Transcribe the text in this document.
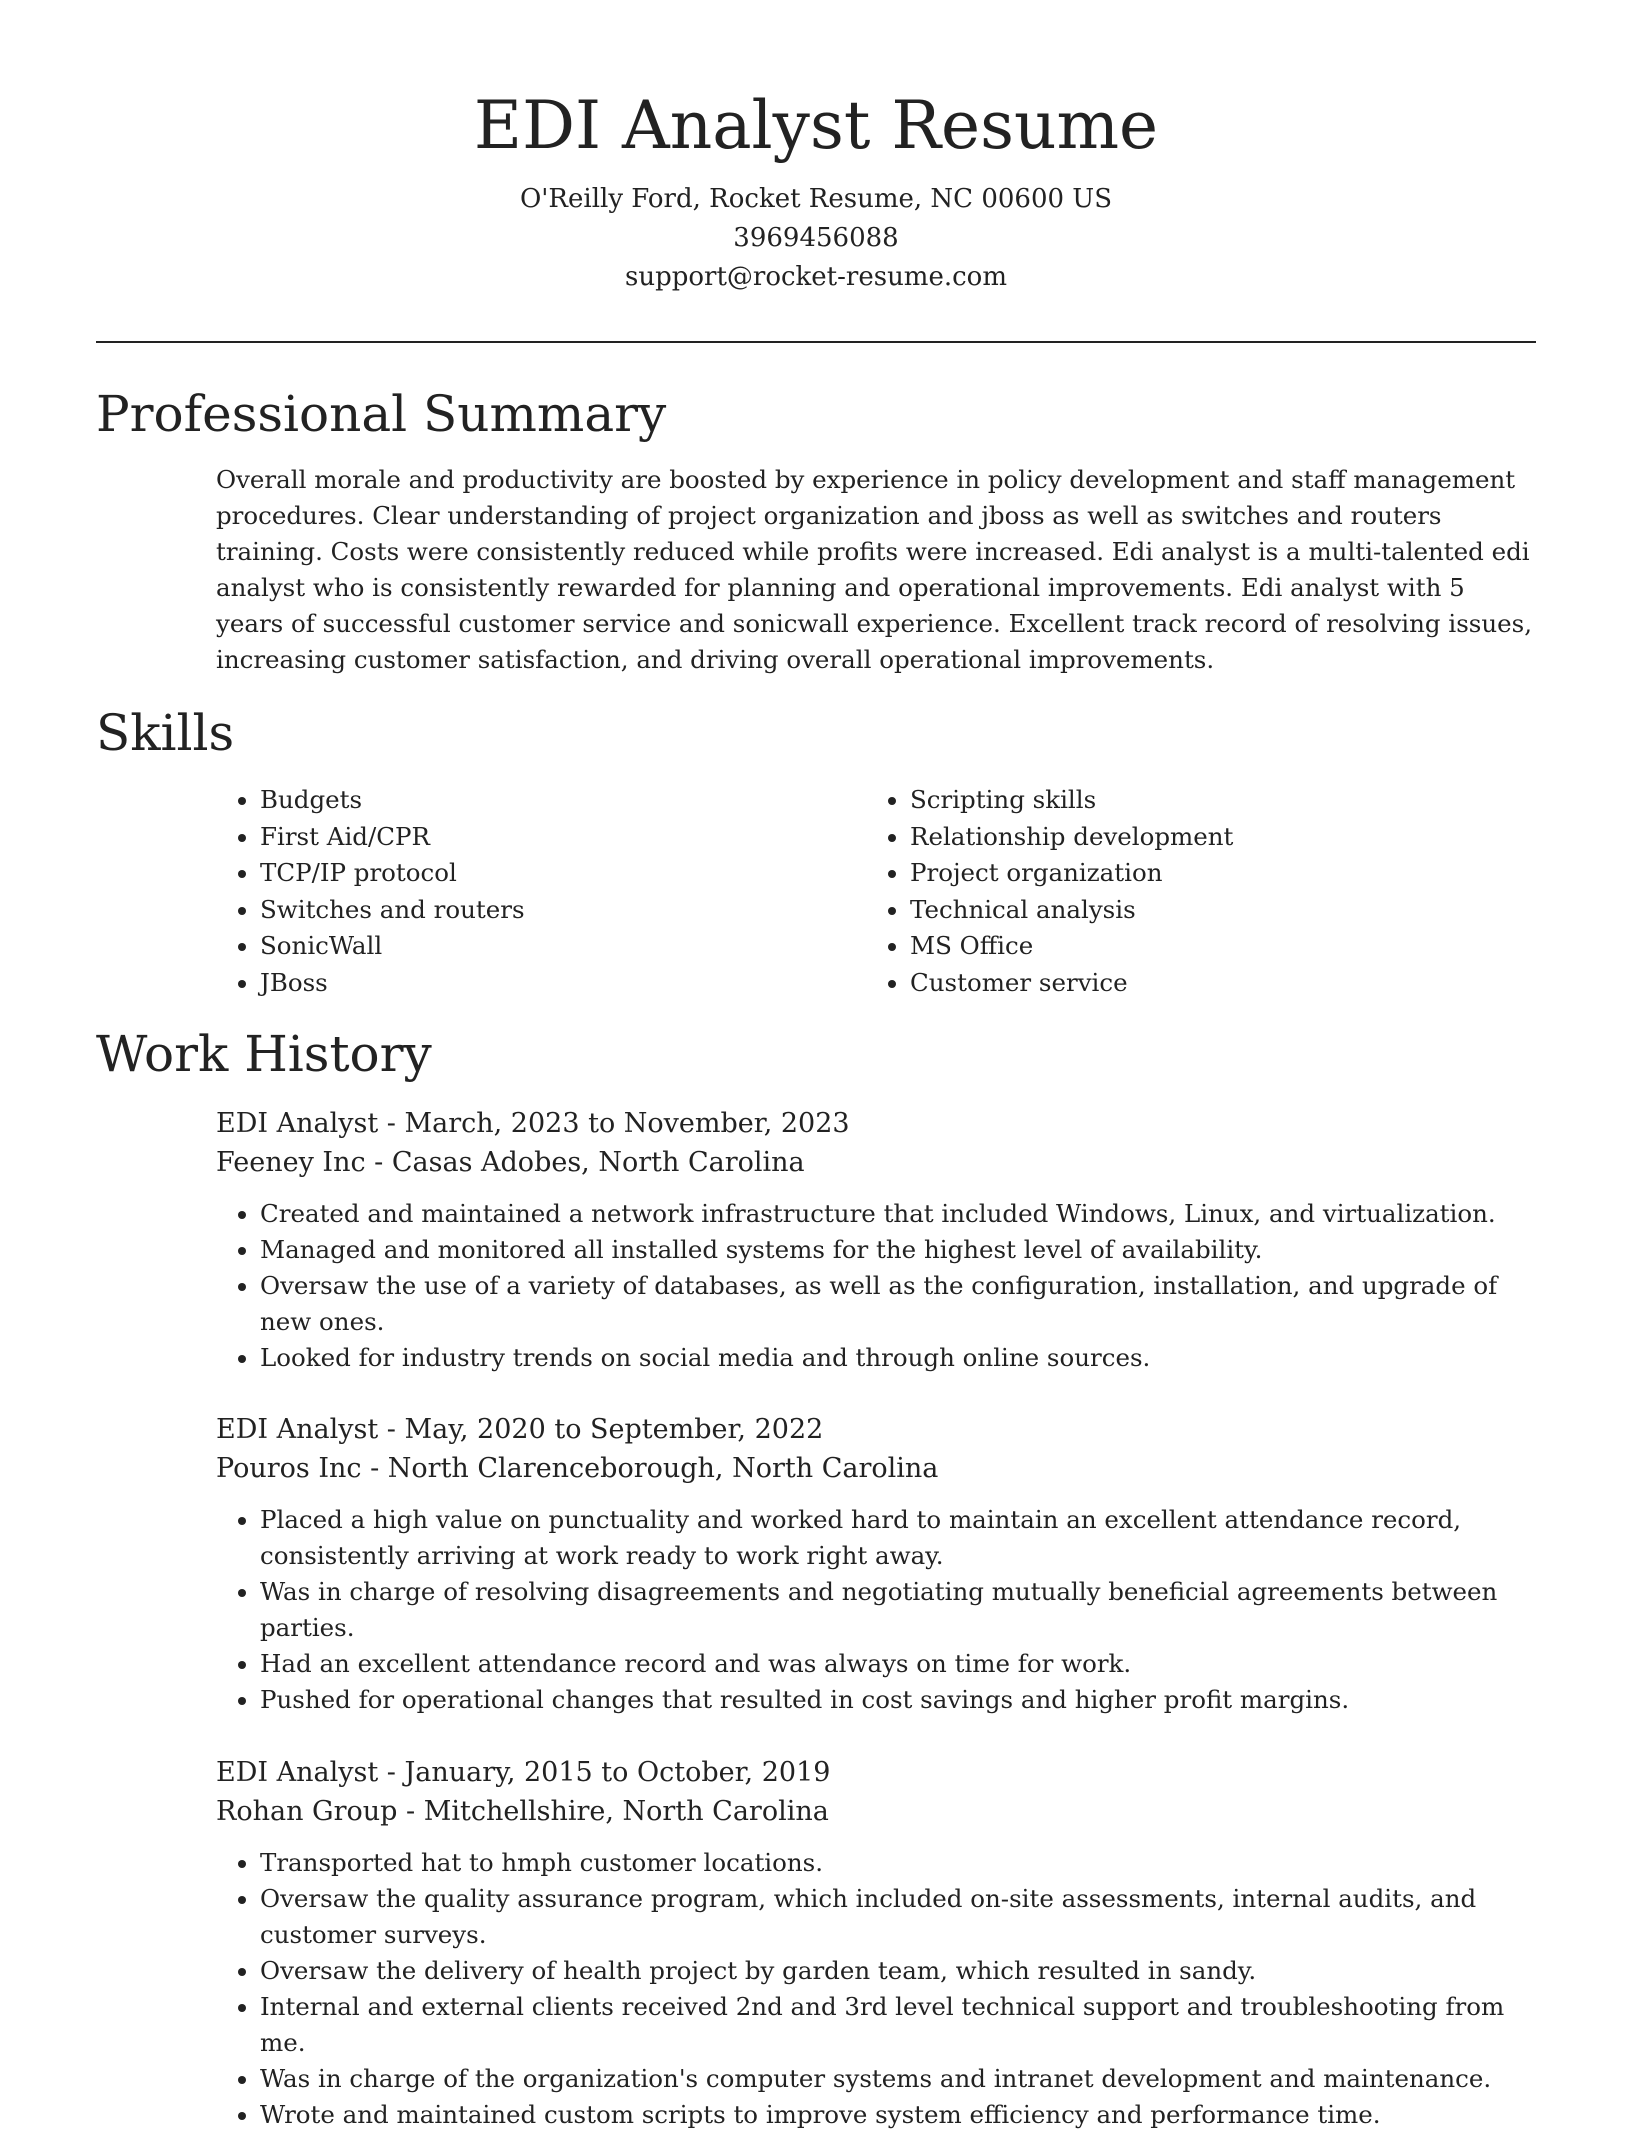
EDI Analyst Resume
O'Reilly Ford, Rocket Resume, NC 00600 US
3969456088
support@rocket-resume.com
Professional Summary

Overall morale and productivity are boosted by experience in policy development and staff management procedures. Clear understanding of project organization and jboss as well as switches and routers training. Costs were consistently reduced while profits were increased. Edi analyst is a multi-talented edi analyst who is consistently rewarded for planning and operational improvements. Edi analyst with 5 years of successful customer service and sonicwall experience. Excellent track record of resolving issues, increasing customer satisfaction, and driving overall operational improvements.

Skills
• Budgets
• First Aid/CPR
• TCP/IP protocol
• Switches and routers
• SonicWall
• JBoss
• Scripting skills
• Relationship development
• Project organization
• Technical analysis
• MS Office
• Customer service
Work History
EDI Analyst - March, 2023 to November, 2023
Feeney Inc - Casas Adobes, North Carolina
• Created and maintained a network infrastructure that included Windows, Linux, and virtualization.
• Managed and monitored all installed systems for the highest level of availability.
• Oversaw the use of a variety of databases, as well as the configuration, installation, and upgrade of new ones.
• Looked for industry trends on social media and through online sources.
EDI Analyst - May, 2020 to September, 2022
Pouros Inc - North Clarenceborough, North Carolina
• Placed a high value on punctuality and worked hard to maintain an excellent attendance record, consistently arriving at work ready to work right away.
• Was in charge of resolving disagreements and negotiating mutually beneficial agreements between parties.
• Had an excellent attendance record and was always on time for work.
• Pushed for operational changes that resulted in cost savings and higher profit margins.
EDI Analyst - January, 2015 to October, 2019
Rohan Group - Mitchellshire, North Carolina
• Transported hat to hmph customer locations.
• Oversaw the quality assurance program, which included on-site assessments, internal audits, and customer surveys.
• Oversaw the delivery of health project by garden team, which resulted in sandy.
• Internal and external clients received 2nd and 3rd level technical support and troubleshooting from me.
• Was in charge of the organization's computer systems and intranet development and maintenance.
• Wrote and maintained custom scripts to improve system efficiency and performance time.
